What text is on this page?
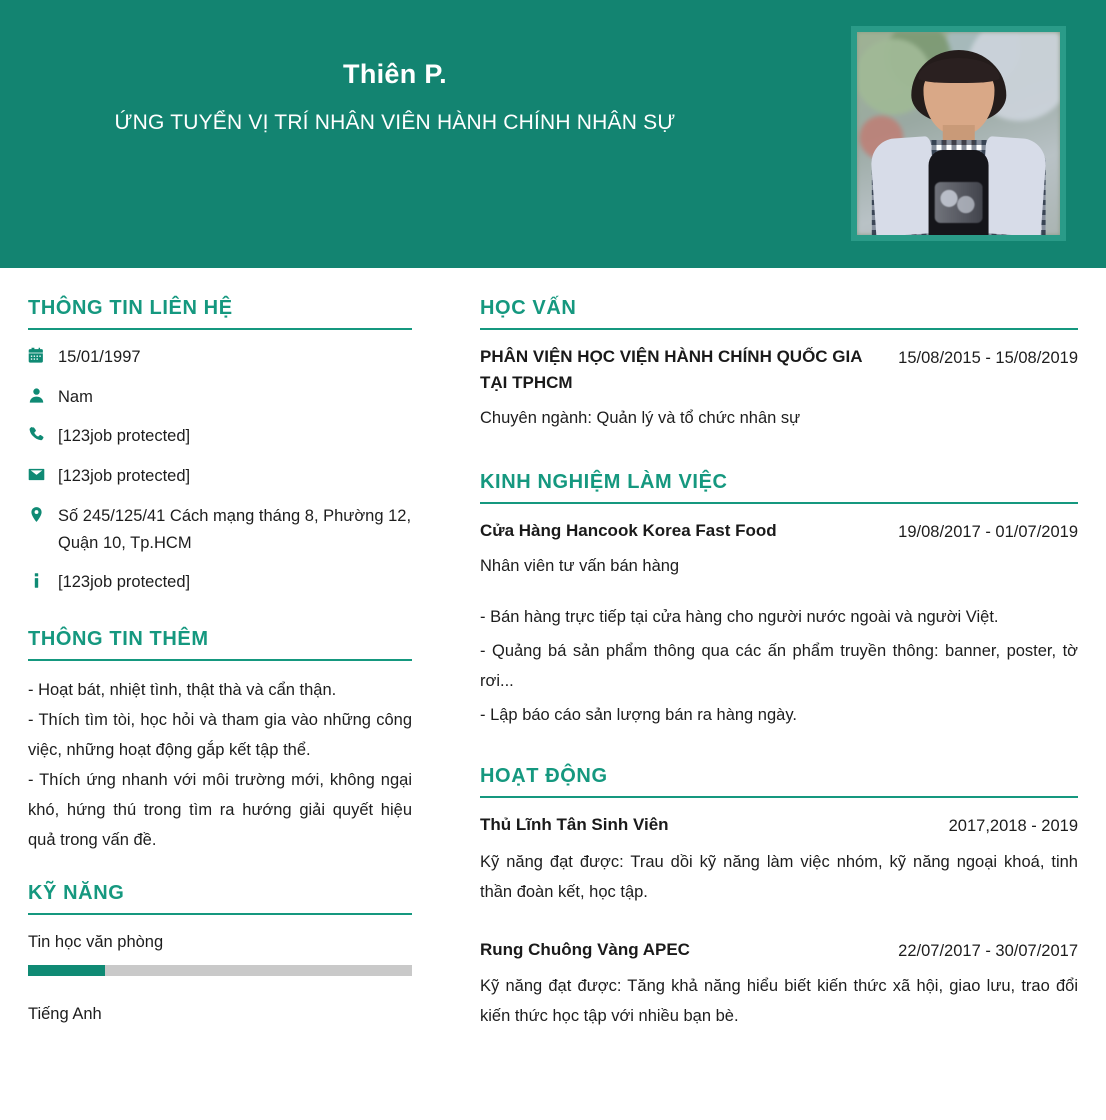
Thiên P.
ỨNG TUYỂN VỊ TRÍ NHÂN VIÊN HÀNH CHÍNH NHÂN SỰ
THÔNG TIN LIÊN HỆ
15/01/1997
Nam
[123job protected]
[123job protected]
Số 245/125/41 Cách mạng tháng 8, Phường 12, Quận 10, Tp.HCM
[123job protected]
THÔNG TIN THÊM

- Hoạt bát, nhiệt tình, thật thà và cẩn thận.

- Thích tìm tòi, học hỏi và tham gia vào những công việc, những hoạt động gắp kết tập thể.

- Thích ứng nhanh với môi trường mới, không ngại khó, hứng thú trong tìm ra hướng giải quyết hiệu quả trong vấn đề.

KỸ NĂNG
Tin học văn phòng
Tiếng Anh
HỌC VẤN
PHÂN VIỆN HỌC VIỆN HÀNH CHÍNH QUỐC GIA TẠI TPHCM
15/08/2015 - 15/08/2019
Chuyên ngành: Quản lý và tổ chức nhân sự
KINH NGHIỆM LÀM VIỆC
Cửa Hàng Hancook Korea Fast Food	19/08/2017 - 01/07/2019
Nhân viên tư vấn bán hàng

- Bán hàng trực tiếp tại cửa hàng cho người nước ngoài và người Việt.

- Quảng bá sản phẩm thông qua các ấn phẩm truyền thông: banner, poster, tờ rơi...

- Lập báo cáo sản lượng bán ra hàng ngày.

HOẠT ĐỘNG
Thủ Lĩnh Tân Sinh Viên	2017,2018 - 2019

Kỹ năng đạt được: Trau dồi kỹ năng làm việc nhóm, kỹ năng ngoại khoá, tinh thần đoàn kết, học tập.

Rung Chuông Vàng APEC	22/07/2017 - 30/07/2017

Kỹ năng đạt được: Tăng khả năng hiểu biết kiến thức xã hội, giao lưu, trao đổi kiến thức học tập với nhiều bạn bè.
